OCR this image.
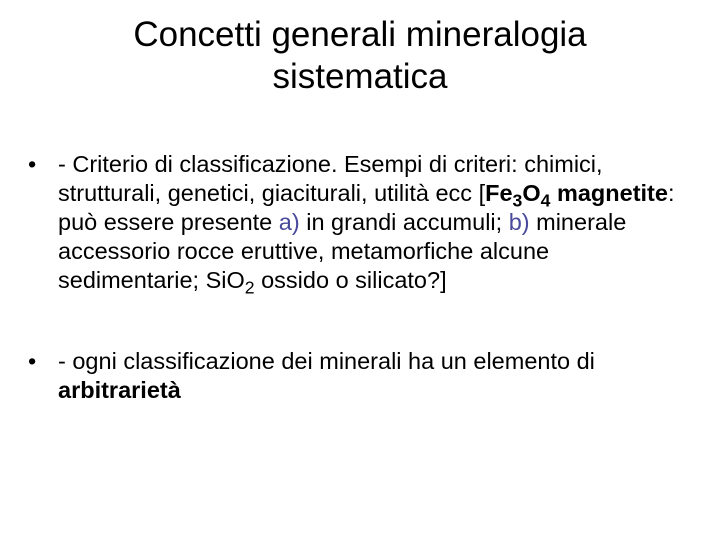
Concetti generali mineralogia
sistematica
• - Criterio di classificazione. Esempi di criteri: chimici, strutturali, genetici, giaciturali, utilità ecc [$Fe_3O_4$ magnetite: può essere presente a) in grandi accumuli; b) minerale accessorio rocce eruttive, metamorfiche alcune sedimentarie; SiO$_2$ ossido o silicato?]
• - ogni classificazione dei minerali ha un elemento di arbitrarietà
